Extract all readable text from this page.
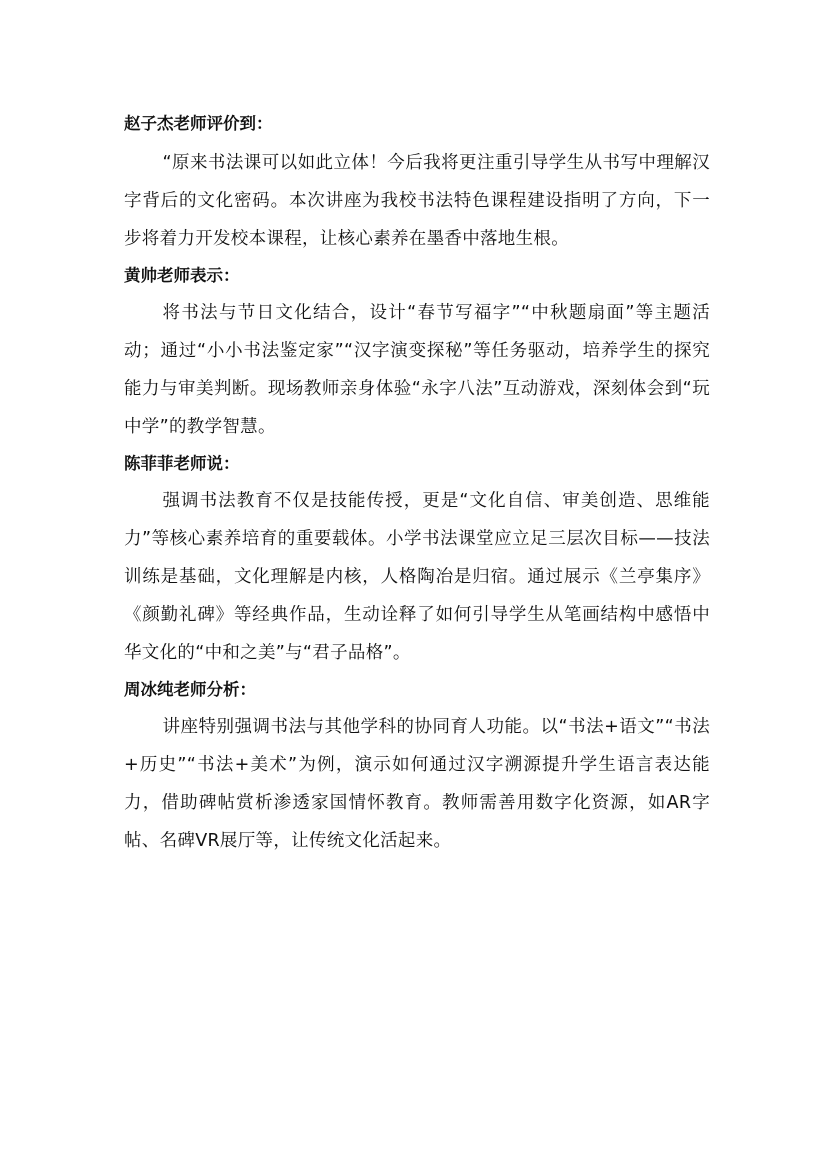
赵子杰老师评价到：

“原来书法课可以如此立体！今后我将更注重引导学生从书写中理解汉字背后的文化密码。本次讲座为我校书法特色课程建设指明了方向，下一步将着力开发校本课程，让核心素养在墨香中落地生根。

黄帅老师表示：

将书法与节日文化结合，设计“春节写福字”“中秋题扇面”等主题活动；通过“小小书法鉴定家”“汉字演变探秘”等任务驱动，培养学生的探究能力与审美判断。现场教师亲身体验“永字八法”互动游戏，深刻体会到“玩中学”的教学智慧。

陈菲菲老师说：

强调书法教育不仅是技能传授，更是“文化自信、审美创造、思维能力”等核心素养培育的重要载体。小学书法课堂应立足三层次目标——技法训练是基础，文化理解是内核，人格陶冶是归宿。通过展示《兰亭集序》《颜勤礼碑》等经典作品，生动诠释了如何引导学生从笔画结构中感悟中华文化的“中和之美”与“君子品格”。

周冰纯老师分析：

讲座特别强调书法与其他学科的协同育人功能。以“书法+语文”“书法+历史”“书法+美术”为例，演示如何通过汉字溯源提升学生语言表达能力，借助碑帖赏析渗透家国情怀教育。教师需善用数字化资源，如AR字帖、名碑VR展厅等，让传统文化活起来。
